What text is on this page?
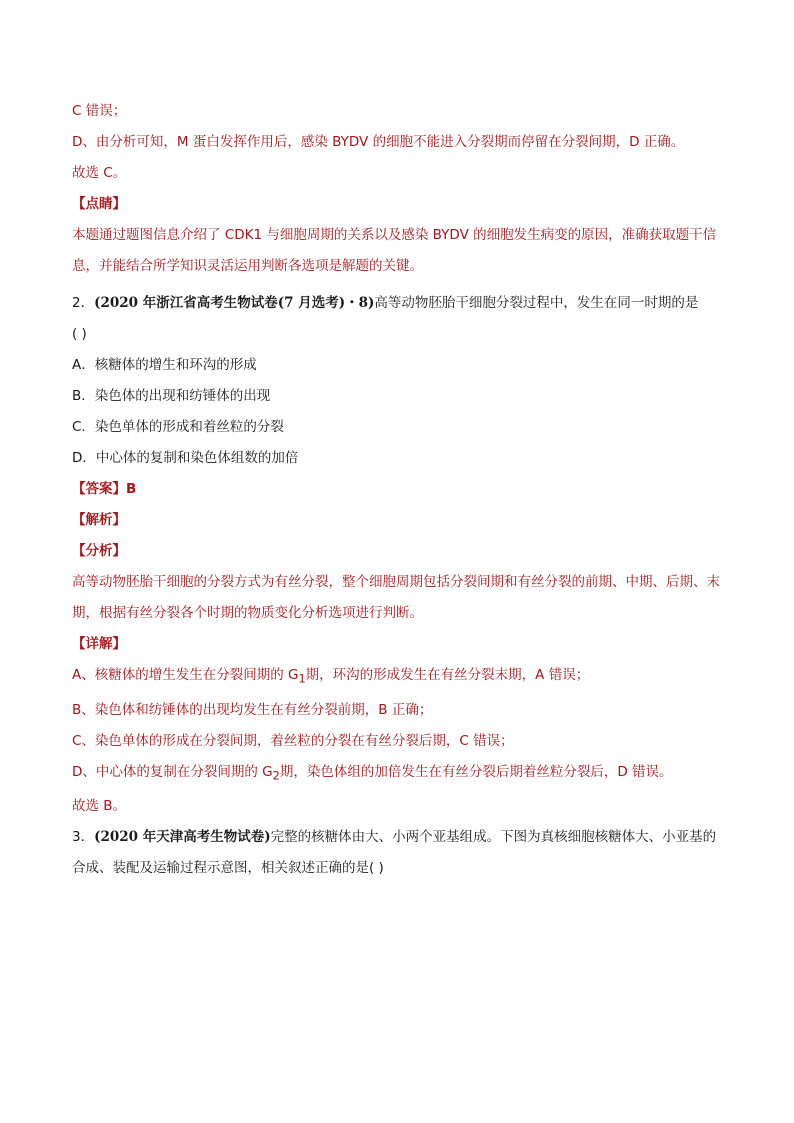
C 错误；
D、由分析可知，M 蛋白发挥作用后，感染 BYDV 的细胞不能进入分裂期而停留在分裂间期，D 正确。
故选 C。
【点睛】
本题通过题图信息介绍了 CDK1 与细胞周期的关系以及感染 BYDV 的细胞发生病变的原因，准确获取题干信息，并能结合所学知识灵活运用判断各选项是解题的关键。
2．(2020 年浙江省高考生物试卷(7 月选考)・8)高等动物胚胎干细胞分裂过程中，发生在同一时期的是
( )
A．核糖体的增生和环沟的形成
B．染色体的出现和纺锤体的出现
C．染色单体的形成和着丝粒的分裂
D．中心体的复制和染色体组数的加倍
【答案】B
【解析】
【分析】
高等动物胚胎干细胞的分裂方式为有丝分裂，整个细胞周期包括分裂间期和有丝分裂的前期、中期、后期、末期，根据有丝分裂各个时期的物质变化分析选项进行判断。
【详解】
A、核糖体的增生发生在分裂间期的 $G_1$期，环沟的形成发生在有丝分裂末期，A 错误；
B、染色体和纺锤体的出现均发生在有丝分裂前期，B 正确；
C、染色单体的形成在分裂间期，着丝粒的分裂在有丝分裂后期，C 错误；
D、中心体的复制在分裂间期的 $G_2$期，染色体组的加倍发生在有丝分裂后期着丝粒分裂后，D 错误。
故选 B。
3．(2020 年天津高考生物试卷)完整的核糖体由大、小两个亚基组成。下图为真核细胞核糖体大、小亚基的合成、装配及运输过程示意图，相关叙述正确的是( )
